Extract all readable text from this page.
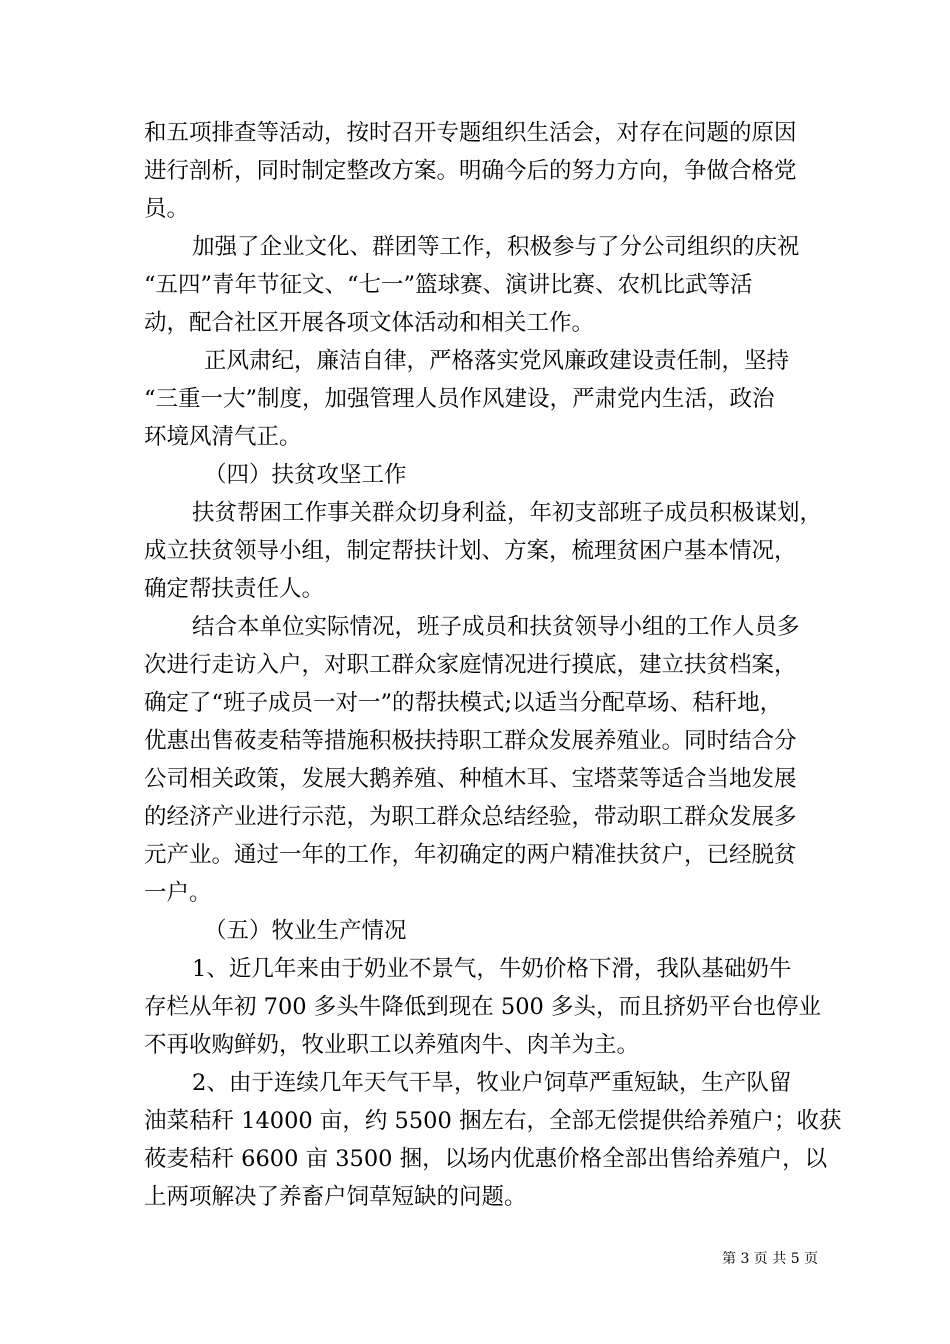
和五项排查等活动，按时召开专题组织生活会，对存在问题的原因
进行剖析，同时制定整改方案。明确今后的努力方向，争做合格党
员。
加强了企业文化、群团等工作，积极参与了分公司组织的庆祝
“五四”青年节征文、“七一”篮球赛、演讲比赛、农机比武等活
动，配合社区开展各项文体活动和相关工作。
正风肃纪，廉洁自律，严格落实党风廉政建设责任制，坚持
“三重一大”制度，加强管理人员作风建设，严肃党内生活，政治
环境风清气正。
（四）扶贫攻坚工作
扶贫帮困工作事关群众切身利益，年初支部班子成员积极谋划，
成立扶贫领导小组，制定帮扶计划、方案，梳理贫困户基本情况，
确定帮扶责任人。
结合本单位实际情况，班子成员和扶贫领导小组的工作人员多
次进行走访入户，对职工群众家庭情况进行摸底，建立扶贫档案，
确定了“班子成员一对一”的帮扶模式;以适当分配草场、秸秆地，
优惠出售莜麦秸等措施积极扶持职工群众发展养殖业。同时结合分
公司相关政策，发展大鹅养殖、种植木耳、宝塔菜等适合当地发展
的经济产业进行示范，为职工群众总结经验，带动职工群众发展多
元产业。通过一年的工作，年初确定的两户精准扶贫户，已经脱贫
一户。
（五）牧业生产情况
1、近几年来由于奶业不景气，牛奶价格下滑，我队基础奶牛
存栏从年初 700 多头牛降低到现在 500 多头，而且挤奶平台也停业
不再收购鲜奶，牧业职工以养殖肉牛、肉羊为主。
2、由于连续几年天气干旱，牧业户饲草严重短缺，生产队留
油菜秸秆 14000 亩，约 5500 捆左右，全部无偿提供给养殖户；收获
莜麦秸秆 6600 亩 3500 捆，以场内优惠价格全部出售给养殖户，以
上两项解决了养畜户饲草短缺的问题。
第 3 页 共 5 页
